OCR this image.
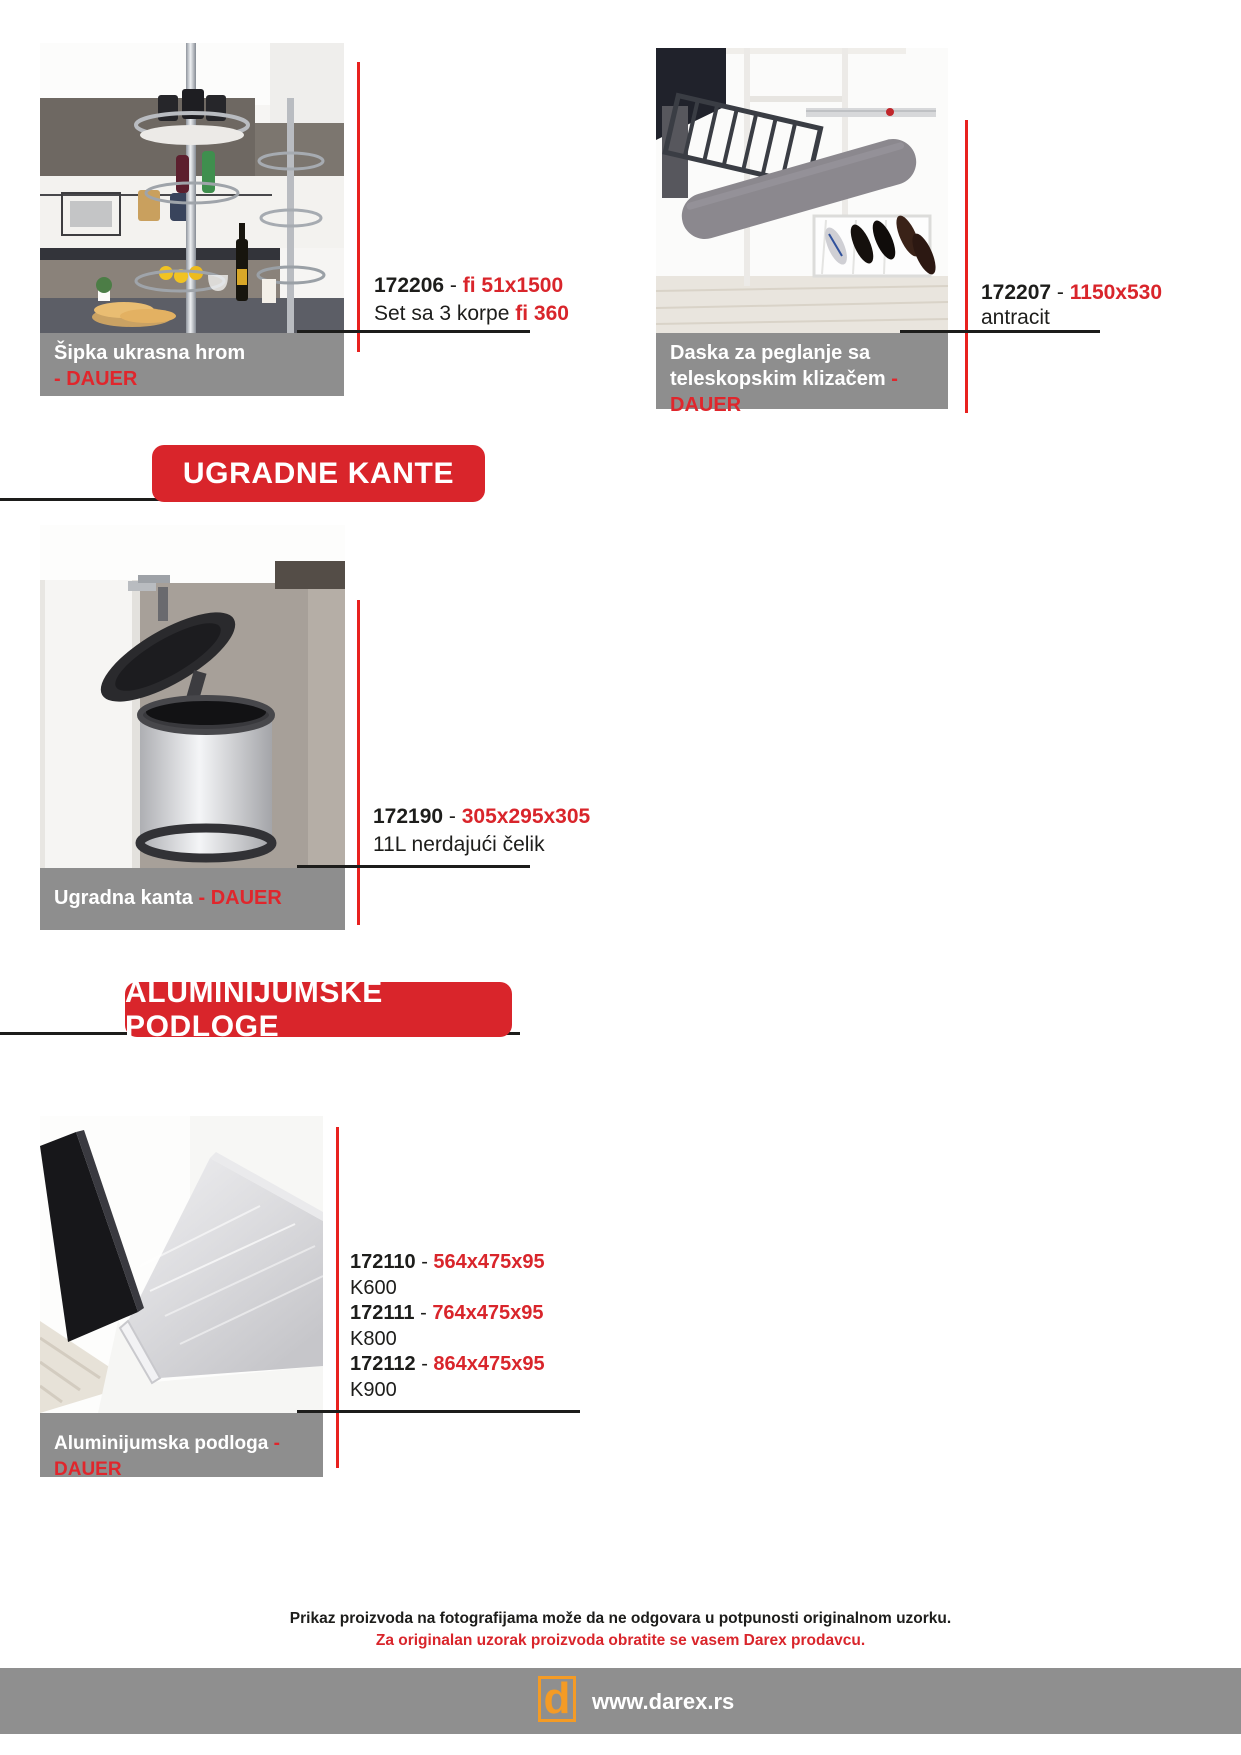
172206 - fi 51x1500
Set sa 3 korpe fi 360
Šipka ukrasna hrom
- DAUER
172207 - 1150x530
antracit
Daska za peglanje sa
teleskopskim klizačem - DAUER
UGRADNE KANTE
172190 - 305x295x305
11L nerdajući čelik
Ugradna kanta - DAUER
ALUMINIJUMSKE PODLOGE
172110 - 564x475x95
K600
172111 - 764x475x95
K800
172112 - 864x475x95
K900
Aluminijumska podloga - DAUER
Prikaz proizvoda na fotografijama može da ne odgovara u potpunosti originalnom uzorku.
Za originalan uzorak proizvoda obratite se vasem Darex prodavcu.
d www.darex.rs
